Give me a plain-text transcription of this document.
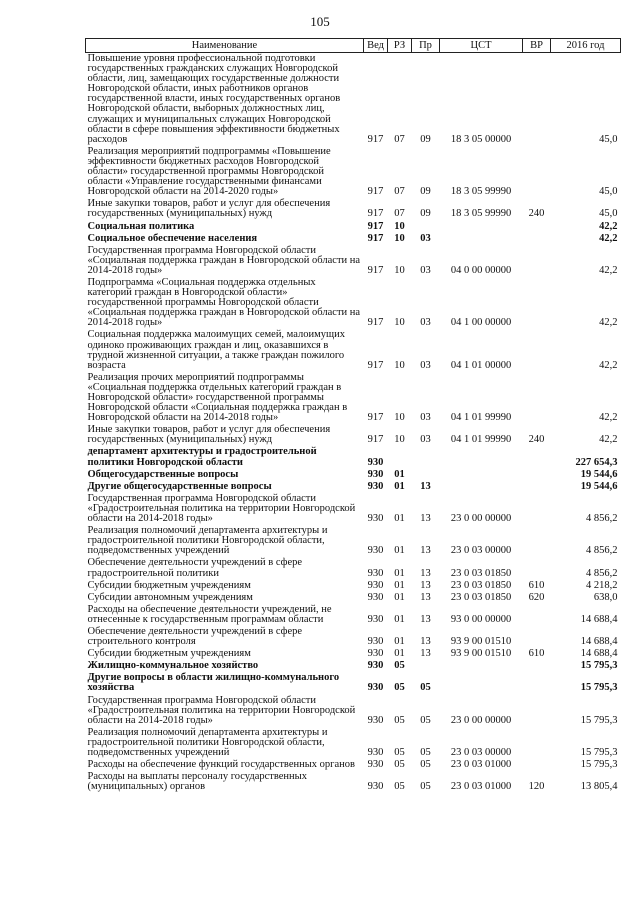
105
Наименование	Вед	РЗ	Пр	ЦСТ	ВР	2016 год
Повышение уровня профессиональной подготовки государственных гражданских служащих Новгородской области, лиц, замещающих государственные должности Новгородской области, иных работников органов государственной власти, иных государственных органов Новгородской области, выборных должностных лиц, служащих и муниципальных служащих Новгородской области в сфере повышения эффективности бюджетных расходов	917	07	09	18 3 05 00000		45,0
Реализация мероприятий подпрограммы «Повышение эффективности бюджетных расходов Новгородской области» государственной программы Новгородской области «Управление государственными финансами Новгородской области на 2014-2020 годы»	917	07	09	18 3 05 99990		45,0
Иные закупки товаров, работ и услуг для обеспечения государственных (муниципальных) нужд	917	07	09	18 3 05 99990	240	45,0
Социальная политика	917	10				42,2
Социальное обеспечение населения	917	10	03			42,2
Государственная программа Новгородской области «Социальная поддержка граждан в Новгородской области на 2014-2018 годы»	917	10	03	04 0 00 00000		42,2
Подпрограмма «Социальная поддержка отдельных категорий граждан в Новгородской области» государственной программы Новгородской области «Социальная поддержка граждан в Новгородской области на 2014-2018 годы»	917	10	03	04 1 00 00000		42,2
Социальная поддержка малоимущих семей, малоимущих одиноко проживающих граждан и лиц, оказавшихся в трудной жизненной ситуации, а также граждан пожилого возраста	917	10	03	04 1 01 00000		42,2
Реализация прочих мероприятий подпрограммы «Социальная поддержка отдельных категорий граждан в Новгородской области» государственной программы Новгородской области «Социальная поддержка граждан в Новгородской области на 2014-2018 годы»	917	10	03	04 1 01 99990		42,2
Иные закупки товаров, работ и услуг для обеспечения государственных (муниципальных) нужд	917	10	03	04 1 01 99990	240	42,2
департамент архитектуры и градостроительной политики Новгородской области	930					227 654,3
Общегосударственные вопросы	930	01				19 544,6
Другие общегосударственные вопросы	930	01	13			19 544,6
Государственная программа Новгородской области «Градостроительная политика на территории Новгородской области на 2014-2018 годы»	930	01	13	23 0 00 00000		4 856,2
Реализация полномочий департамента архитектуры и градостроительной политики Новгородской области, подведомственных учреждений	930	01	13	23 0 03 00000		4 856,2
Обеспечение деятельности учреждений в сфере градостроительной политики	930	01	13	23 0 03 01850		4 856,2
Субсидии бюджетным учреждениям	930	01	13	23 0 03 01850	610	4 218,2
Субсидии автономным учреждениям	930	01	13	23 0 03 01850	620	638,0
Расходы на обеспечение деятельности учреждений, не отнесенные к государственным программам области	930	01	13	93 0 00 00000		14 688,4
Обеспечение деятельности учреждений в сфере строительного контроля	930	01	13	93 9 00 01510		14 688,4
Субсидии бюджетным учреждениям	930	01	13	93 9 00 01510	610	14 688,4
Жилищно-коммунальное хозяйство	930	05				15 795,3
Другие вопросы в области жилищно-коммунального хозяйства	930	05	05			15 795,3
Государственная программа Новгородской области «Градостроительная политика на территории Новгородской области на 2014-2018 годы»	930	05	05	23 0 00 00000		15 795,3
Реализация полномочий департамента архитектуры и градостроительной политики Новгородской области, подведомственных учреждений	930	05	05	23 0 03 00000		15 795,3
Расходы на обеспечение функций государственных органов	930	05	05	23 0 03 01000		15 795,3
Расходы на выплаты персоналу государственных (муниципальных) органов	930	05	05	23 0 03 01000	120	13 805,4
